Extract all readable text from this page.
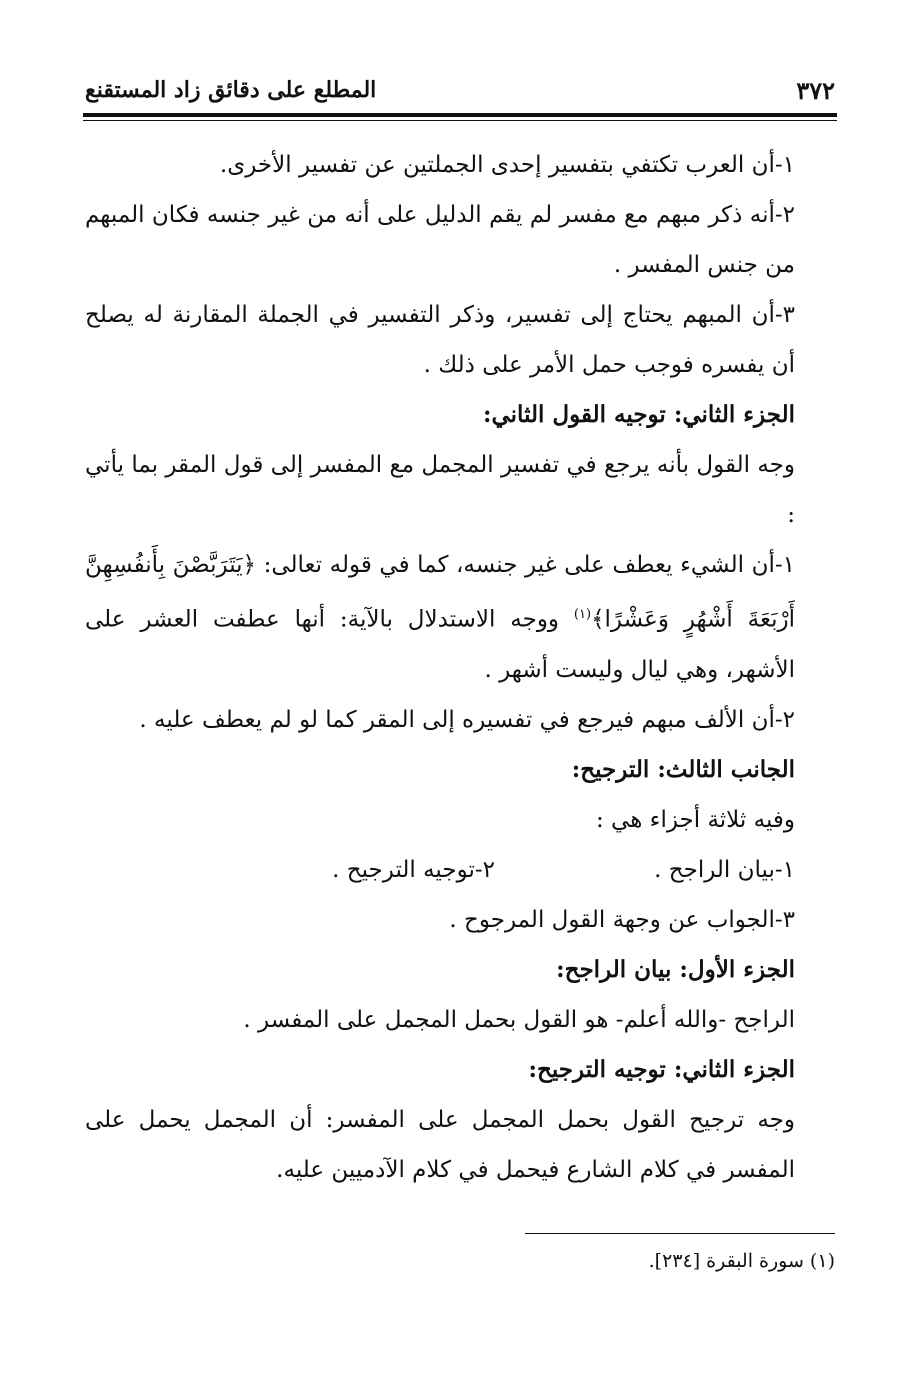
٣٧٢
المطلع على دقائق زاد المستقنع

١-أن العرب تكتفي بتفسير إحدى الجملتين عن تفسير الأخرى.

٢-أنه ذكر مبهم مع مفسر لم يقم الدليل على أنه من غير جنسه فكان المبهم من جنس المفسر .

٣-أن المبهم يحتاج إلى تفسير، وذكر التفسير في الجملة المقارنة له يصلح أن يفسره فوجب حمل الأمر على ذلك .

الجزء الثاني: توجيه القول الثاني:

وجه القول بأنه يرجع في تفسير المجمل مع المفسر إلى قول المقر بما يأتي :

١-أن الشيء يعطف على غير جنسه، كما في قوله تعالى: ﴿يَتَرَبَّصْنَ بِأَنفُسِهِنَّ أَرْبَعَةَ أَشْهُرٍ وَعَشْرًا﴾$^{(١)}$ ووجه الاستدلال بالآية: أنها عطفت العشر على الأشهر، وهي ليال وليست أشهر .

٢-أن الألف مبهم فيرجع في تفسيره إلى المقر كما لو لم يعطف عليه .

الجانب الثالث: الترجيح:

وفيه ثلاثة أجزاء هي :

١-بيان الراجح .
٢-توجيه الترجيح .

٣-الجواب عن وجهة القول المرجوح .

الجزء الأول: بيان الراجح:

الراجح -والله أعلم- هو القول بحمل المجمل على المفسر .

الجزء الثاني: توجيه الترجيح:

وجه ترجيح القول بحمل المجمل على المفسر: أن المجمل يحمل على المفسر في كلام الشارع فيحمل في كلام الآدميين عليه.

(١) سورة البقرة [٢٣٤].
